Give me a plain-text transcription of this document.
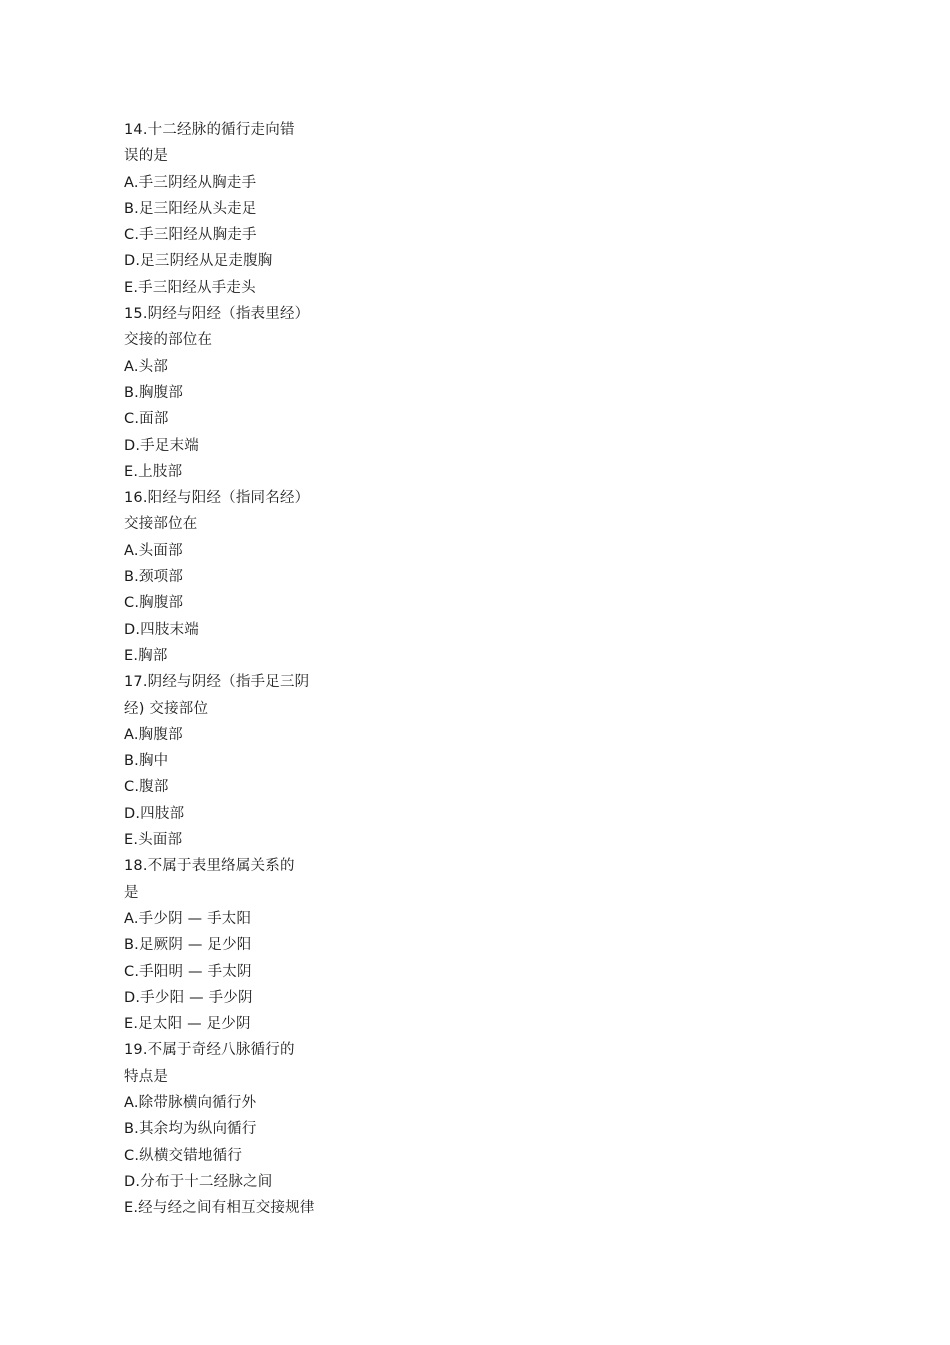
14.十二经脉的循行走向错
误的是
A.手三阴经从胸走手
B.足三阳经从头走足
C.手三阳经从胸走手
D.足三阴经从足走腹胸
E.手三阳经从手走头
15.阴经与阳经（指表里经）
交接的部位在
A.头部
B.胸腹部
C.面部
D.手足末端
E.上肢部
16.阳经与阳经（指同名经）
交接部位在
A.头面部
B.颈项部
C.胸腹部
D.四肢末端
E.胸部
17.阴经与阴经（指手足三阴
经) 交接部位
A.胸腹部
B.胸中
C.腹部
D.四肢部
E.头面部
18.不属于表里络属关系的
是
A.手少阴 — 手太阳
B.足厥阴 — 足少阳
C.手阳明 — 手太阴
D.手少阳 — 手少阴
E.足太阳 — 足少阴
19.不属于奇经八脉循行的
特点是
A.除带脉横向循行外
B.其余均为纵向循行
C.纵横交错地循行
D.分布于十二经脉之间
E.经与经之间有相互交接规律
